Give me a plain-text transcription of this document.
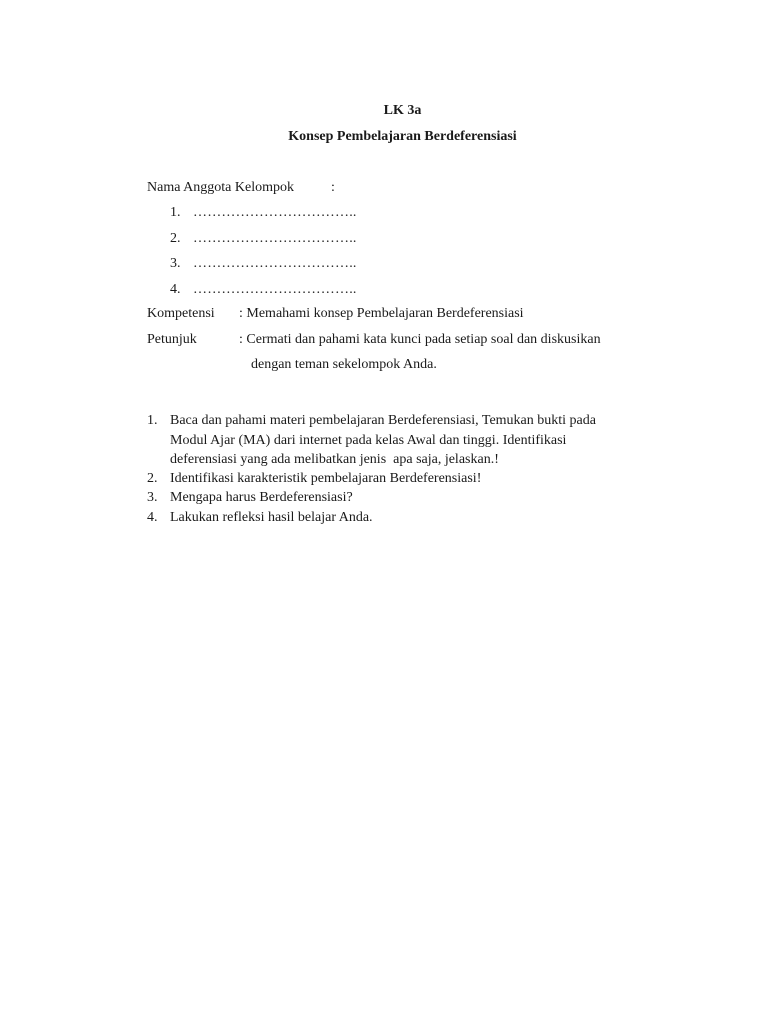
LK 3a
Konsep Pembelajaran Berdeferensiasi
Nama Anggota Kelompok	:
1. ……………………………..
2. ……………………………..
3. ……………………………..
4. ……………………………..
Kompetensi : Memahami konsep Pembelajaran Berdeferensiasi
Petunjuk	: Cermati dan pahami kata kunci pada setiap soal dan diskusikan
dengan teman sekelompok Anda.
1. Baca dan pahami materi pembelajaran Berdeferensiasi, Temukan bukti pada
Modul Ajar (MA) dari internet pada kelas Awal dan tinggi. Identifikasi
deferensiasi yang ada melibatkan jenis  apa saja, jelaskan.!
2. Identifikasi karakteristik pembelajaran Berdeferensiasi!
3. Mengapa harus Berdeferensiasi?
4. Lakukan refleksi hasil belajar Anda.
